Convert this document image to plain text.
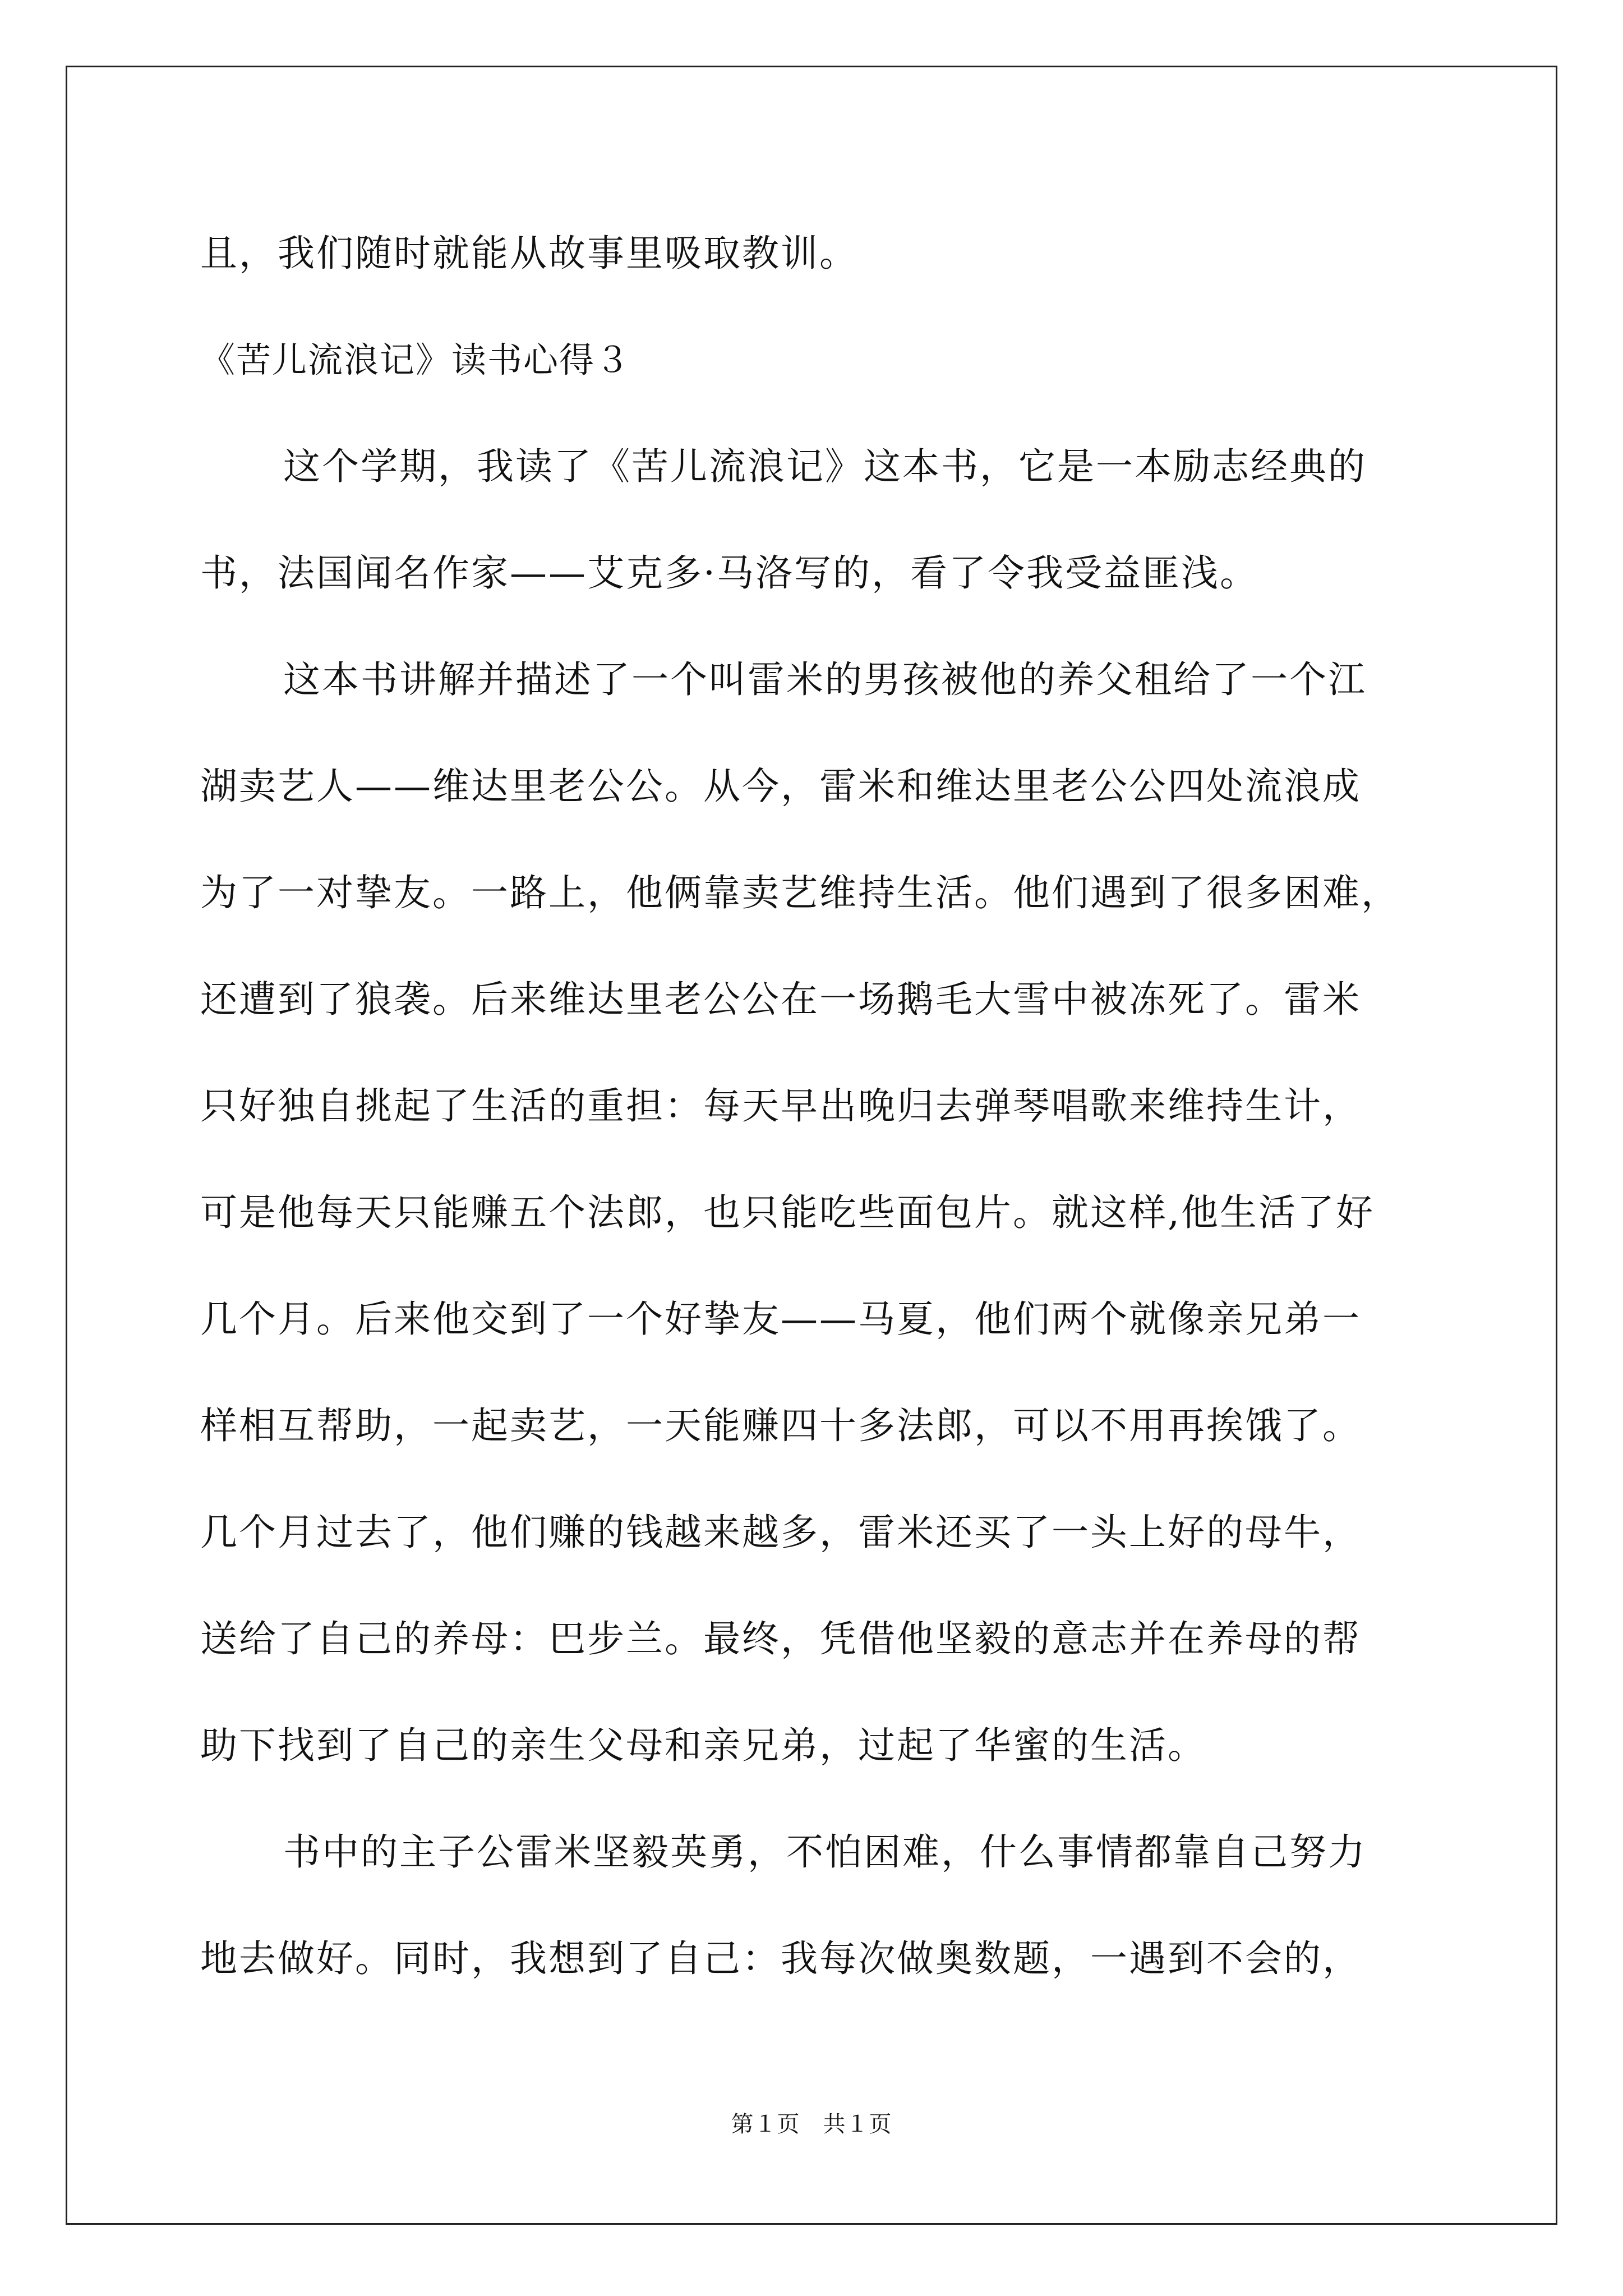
且，我们随时就能从故事里吸取教训。
《苦儿流浪记》读书心得３
这个学期，我读了《苦儿流浪记》这本书，它是一本励志经典的
书，法国闻名作家——艾克多·马洛写的，看了令我受益匪浅。
这本书讲解并描述了一个叫雷米的男孩被他的养父租给了一个江
湖卖艺人——维达里老公公。从今，雷米和维达里老公公四处流浪成
为了一对挚友。一路上，他俩靠卖艺维持生活。他们遇到了很多困难，
还遭到了狼袭。后来维达里老公公在一场鹅毛大雪中被冻死了。雷米
只好独自挑起了生活的重担：每天早出晚归去弹琴唱歌来维持生计，
可是他每天只能赚五个法郎，也只能吃些面包片。就这样,他生活了好
几个月。后来他交到了一个好挚友——马夏，他们两个就像亲兄弟一
样相互帮助，一起卖艺，一天能赚四十多法郎，可以不用再挨饿了。
几个月过去了，他们赚的钱越来越多，雷米还买了一头上好的母牛，
送给了自己的养母：巴步兰。最终，凭借他坚毅的意志并在养母的帮
助下找到了自己的亲生父母和亲兄弟，过起了华蜜的生活。
书中的主子公雷米坚毅英勇，不怕困难，什么事情都靠自己努力
地去做好。同时，我想到了自己：我每次做奥数题，一遇到不会的，
第１页　共１页
